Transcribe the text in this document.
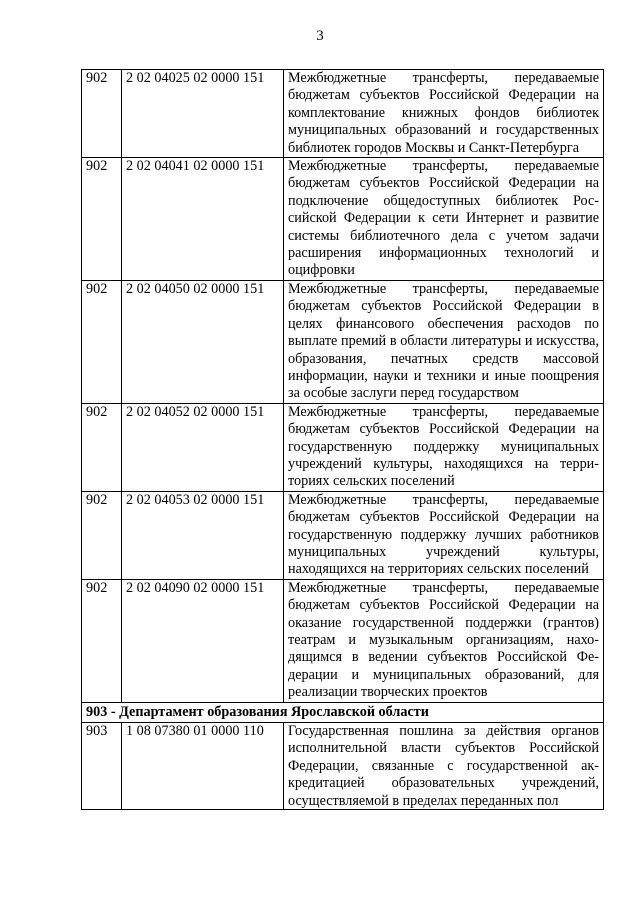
3
902	2 02 04025 02 0000 151	Межбюджетные трансферты, передаваемые бюджетам субъектов Российской Федерации на комплектование книжных фондов библиотек муниципальных образований и государственных библиотек городов Москвы и Санкт-Петербурга
902	2 02 04041 02 0000 151	Межбюджетные трансферты, передаваемые бюджетам субъектов Российской Федерации на подключение общедоступных библиотек Российской Федерации к сети Интернет и развитие системы библиотечного дела с учетом задачи расширения информационных технологий и оцифровки
902	2 02 04050 02 0000 151	Межбюджетные трансферты, передаваемые бюджетам субъектов Российской Федерации в целях финансового обеспечения расходов по выплате премий в области литературы и искусства, образования, печатных средств массовой информации, науки и техники и иные поощрения за особые заслуги перед государством
902	2 02 04052 02 0000 151	Межбюджетные трансферты, передаваемые бюджетам субъектов Российской Федерации на государственную поддержку муниципальных учреждений культуры, находящихся на территориях сельских поселений
902	2 02 04053 02 0000 151	Межбюджетные трансферты, передаваемые бюджетам субъектов Российской Федерации на государственную поддержку лучших работников муниципальных учреждений культуры, находящихся на территориях сельских поселений
902	2 02 04090 02 0000 151	Межбюджетные трансферты, передаваемые бюджетам субъектов Российской Федерации на оказание государственной поддержки (грантов) театрам и музыкальным организациям, находящимся в ведении субъектов Российской Федерации и муниципальных образований, для реализации творческих проектов
903 - Департамент образования Ярославской области		
903	1 08 07380 01 0000 110	Государственная пошлина за действия органов исполнительной власти субъектов Российской Федерации, связанные с государственной аккредитацией образовательных учреждений, осуществляемой в пределах переданных пол
